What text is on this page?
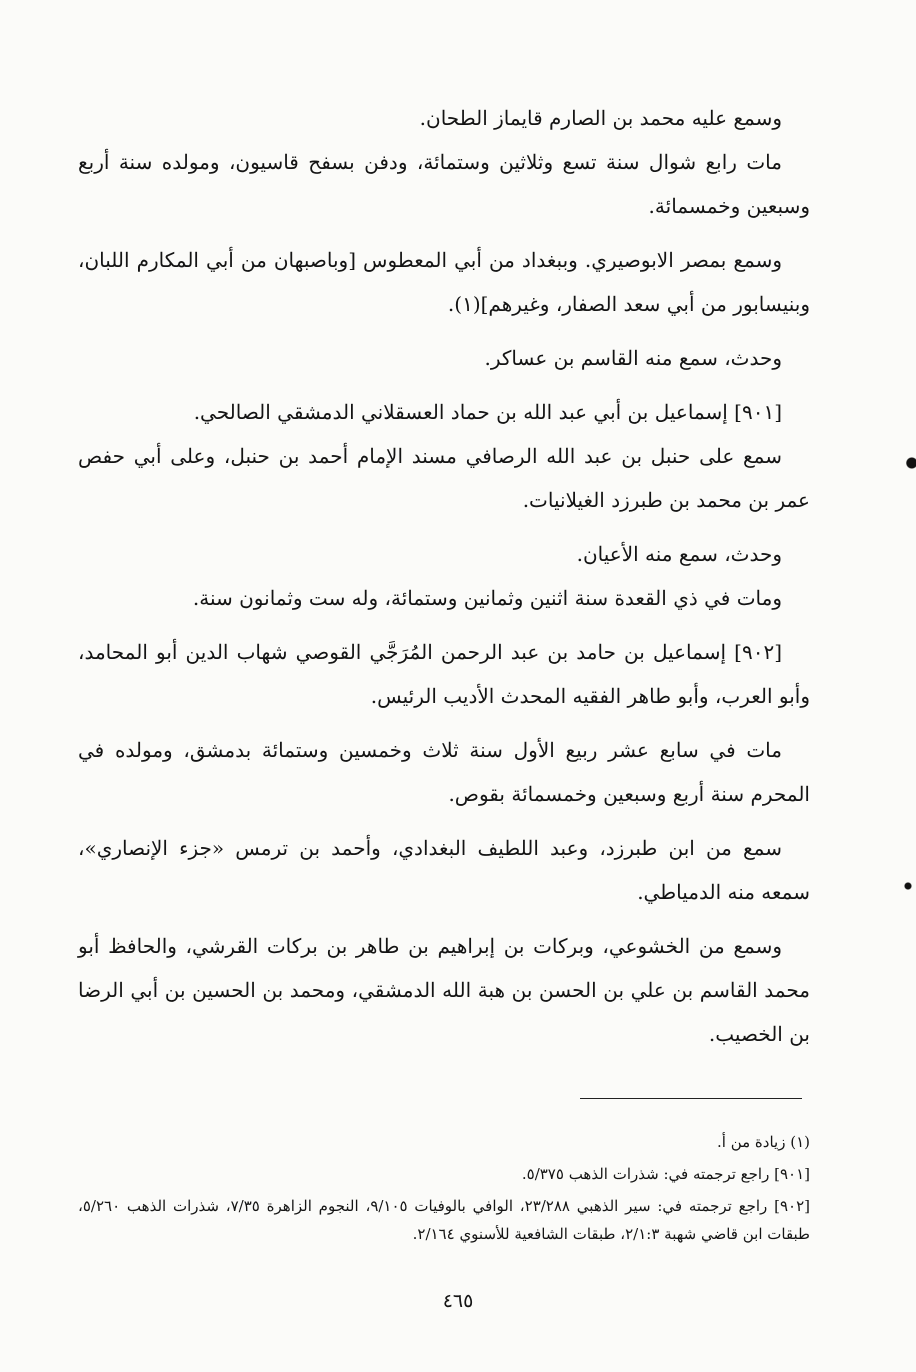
وسمع عليه محمد بن الصارم قايماز الطحان.

مات رابع شوال سنة تسع وثلاثين وستمائة، ودفن بسفح قاسيون، ومولده سنة أربع وسبعين وخمسمائة.

وسمع بمصر الابوصيري. وببغداد من أبي المعطوس [وباصبهان من أبي المكارم اللبان، وبنيسابور من أبي سعد الصفار، وغيرهم](١).

وحدث، سمع منه القاسم بن عساكر.

[٩٠١] إسماعيل بن أبي عبد الله بن حماد العسقلاني الدمشقي الصالحي.

سمع على حنبل بن عبد الله الرصافي مسند الإمام أحمد بن حنبل، وعلى أبي حفص عمر بن محمد بن طبرزد الغيلانيات.

وحدث، سمع منه الأعيان.

ومات في ذي القعدة سنة اثنين وثمانين وستمائة، وله ست وثمانون سنة.

[٩٠٢] إسماعيل بن حامد بن عبد الرحمن المُرَجَّي القوصي شهاب الدين أبو المحامد، وأبو العرب، وأبو طاهر الفقيه المحدث الأديب الرئيس.

مات في سابع عشر ربيع الأول سنة ثلاث وخمسين وستمائة بدمشق، ومولده في المحرم سنة أربع وسبعين وخمسمائة بقوص.

سمع من ابن طبرزد، وعبد اللطيف البغدادي، وأحمد بن ترمس «جزء الإنصاري»، سمعه منه الدمياطي.

وسمع من الخشوعي، وبركات بن إبراهيم بن طاهر بن بركات القرشي، والحافظ أبو محمد القاسم بن علي بن الحسن بن هبة الله الدمشقي، ومحمد بن الحسين بن أبي الرضا بن الخصيب.

(١) زيادة من أ.

[٩٠١] راجع ترجمته في: شذرات الذهب ٥/٣٧٥.

[٩٠٢] راجع ترجمته في: سير الذهبي ٢٣/٢٨٨، الوافي بالوفيات ٩/١٠٥، النجوم الزاهرة ٧/٣٥، شذرات الذهب ٥/٢٦٠، طبقات ابن قاضي شهبة ٢/١:٣، طبقات الشافعية للأسنوي ٢/١٦٤.

٤٦٥
